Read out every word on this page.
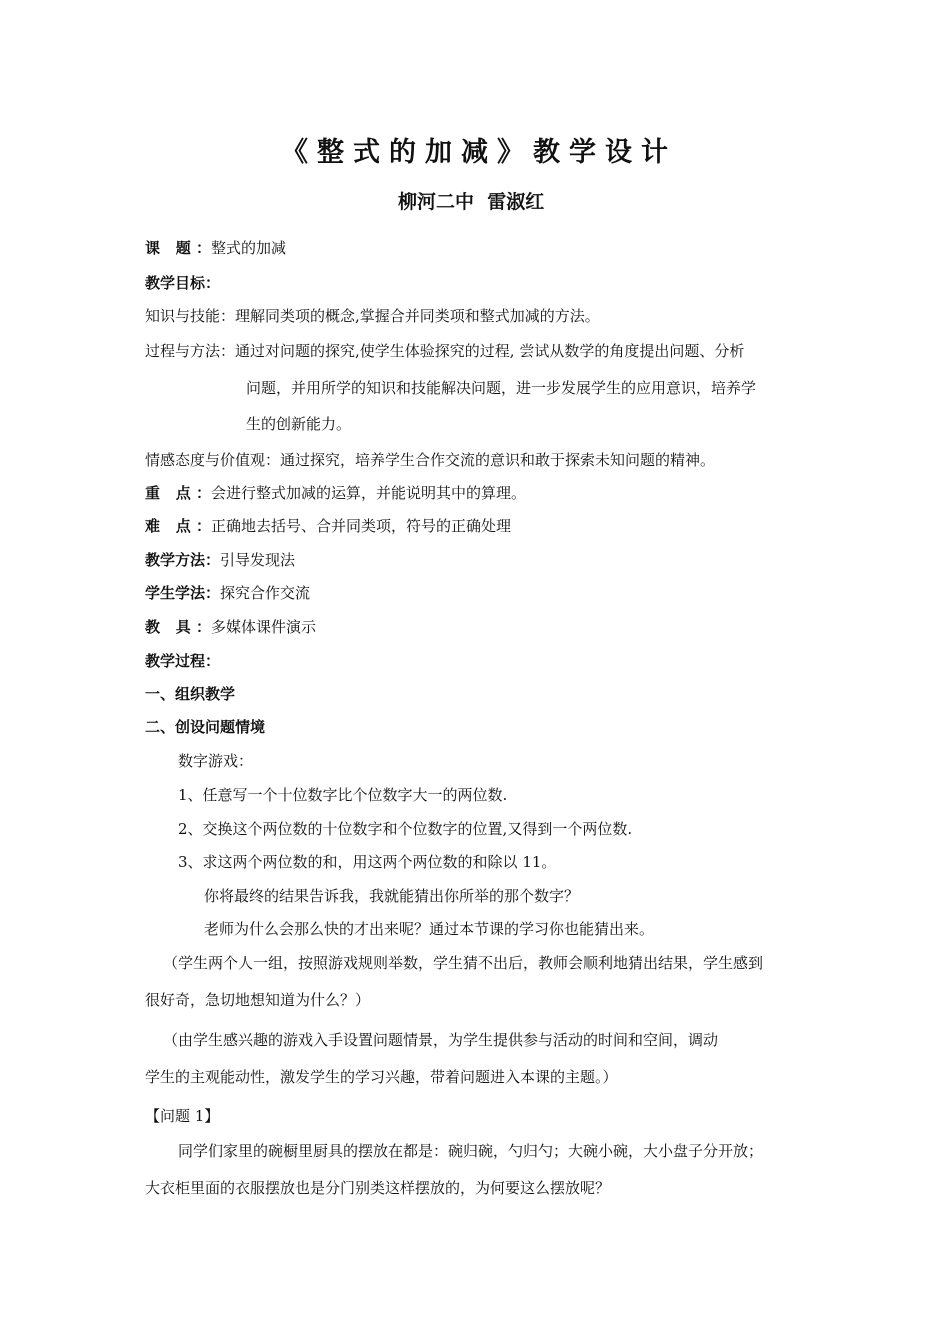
《整式的加减》教学设计
柳河二中  雷淑红
课 题：整式的加减
教学目标：
知识与技能：理解同类项的概念,掌握合并同类项和整式加减的方法。
过程与方法：通过对问题的探究,使学生体验探究的过程, 尝试从数学的角度提出问题、分析
问题，并用所学的知识和技能解决问题，进一步发展学生的应用意识，培养学
生的创新能力。
情感态度与价值观：通过探究，培养学生合作交流的意识和敢于探索未知问题的精神。
重 点：会进行整式加减的运算，并能说明其中的算理。
难 点：正确地去括号、合并同类项，符号的正确处理
教学方法：引导发现法
学生学法：探究合作交流
教 具：多媒体课件演示
教学过程：
一、组织教学
二、创设问题情境
数字游戏：
1、任意写一个十位数字比个位数字大一的两位数.
2、交换这个两位数的十位数字和个位数字的位置,又得到一个两位数.
3、求这两个两位数的和，用这两个两位数的和除以 11。
你将最终的结果告诉我，我就能猜出你所举的那个数字？
老师为什么会那么快的才出来呢？通过本节课的学习你也能猜出来。
（学生两个人一组，按照游戏规则举数，学生猜不出后，教师会顺利地猜出结果，学生感到
很好奇，急切地想知道为什么？）
（由学生感兴趣的游戏入手设置问题情景，为学生提供参与活动的时间和空间，调动
学生的主观能动性，激发学生的学习兴趣，带着问题进入本课的主题。）
【问题 1】
同学们家里的碗橱里厨具的摆放在都是：碗归碗，勺归勺；大碗小碗，大小盘子分开放；
大衣柜里面的衣服摆放也是分门别类这样摆放的，为何要这么摆放呢？
